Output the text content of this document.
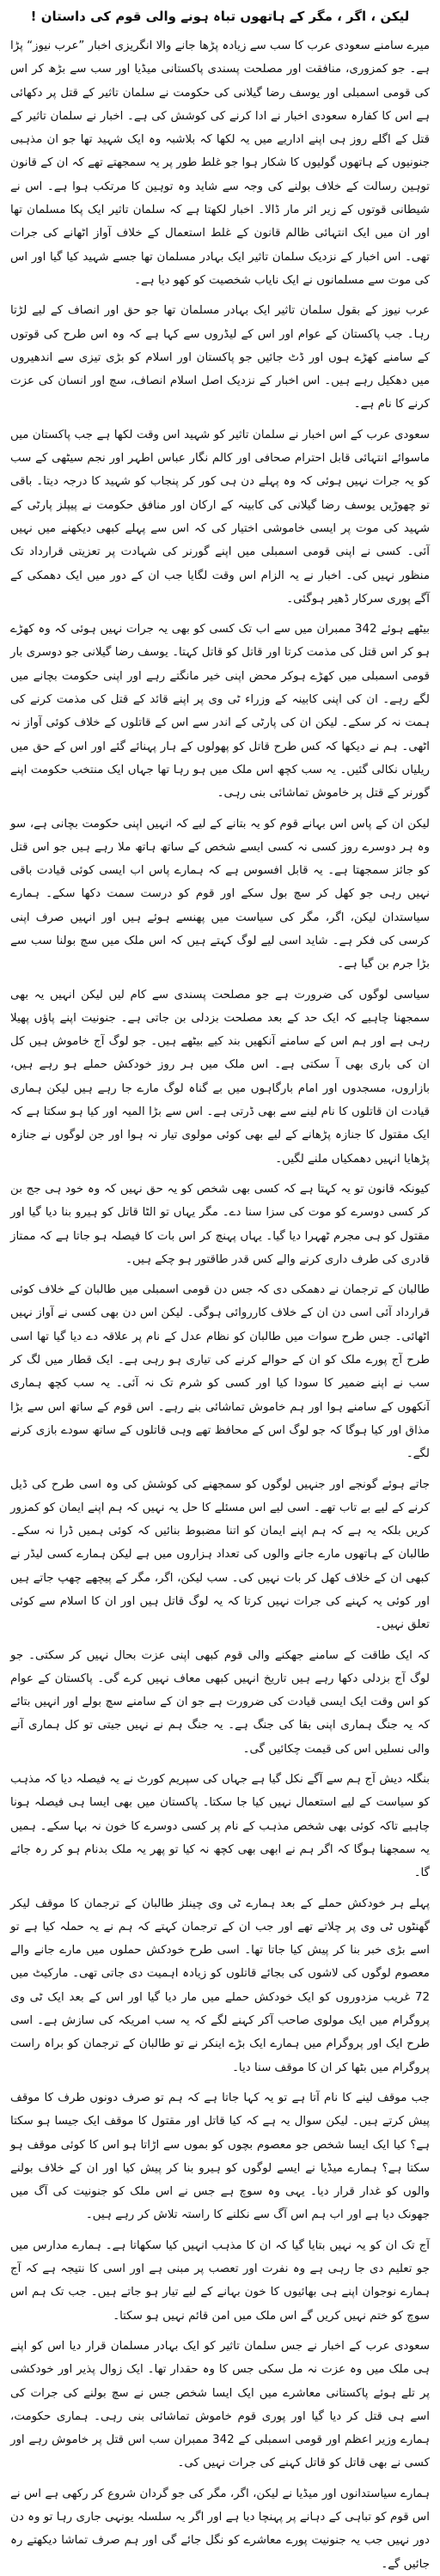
لیکن ، اگر ، مگر کے ہاتھوں تباہ ہونے والی قوم کی داستان !

میرے سامنے سعودی عرب کا سب سے زیادہ پڑھا جانے والا انگریزی اخبار ”عرب نیوز“ پڑا ہے۔ جو کمزوری، منافقت اور مصلحت پسندی پاکستانی میڈیا اور سب سے بڑھ کر اس کی قومی اسمبلی اور یوسف رضا گیلانی کی حکومت نے سلمان تاثیر کے قتل پر دکھائی ہے اس کا کفارہ سعودی اخبار نے ادا کرنے کی کوشش کی ہے۔ اخبار نے سلمان تاثیر کے قتل کے اگلے روز ہی اپنے اداریے میں یہ لکھا کہ بلاشبہ وہ ایک شہید تھا جو ان مذہبی جنونیوں کے ہاتھوں گولیوں کا شکار ہوا جو غلط طور پر یہ سمجھتے تھے کہ ان کے قانون توہین رسالت کے خلاف بولنے کی وجہ سے شاید وہ توہین کا مرتکب ہوا ہے۔ اس نے شیطانی قوتوں کے زیر اثر مار ڈالا۔ اخبار لکھتا ہے کہ سلمان تاثیر ایک پکا مسلمان تھا اور ان میں ایک انتہائی ظالم قانون کے غلط استعمال کے خلاف آواز اٹھانے کی جرات تھی۔ اس اخبار کے نزدیک سلمان تاثیر ایک بہادر مسلمان تھا جسے شہید کیا گیا اور اس کی موت سے مسلمانوں نے ایک نایاب شخصیت کو کھو دیا ہے۔

عرب نیوز کے بقول سلمان تاثیر ایک بہادر مسلمان تھا جو حق اور انصاف کے لیے لڑتا رہا۔ جب پاکستان کے عوام اور اس کے لیڈروں سے کہا ہے کہ وہ اس طرح کی قوتوں کے سامنے کھڑے ہوں اور ڈٹ جائیں جو پاکستان اور اسلام کو بڑی تیزی سے اندھیروں میں دھکیل رہے ہیں۔ اس اخبار کے نزدیک اصل اسلام انصاف، سچ اور انسان کی عزت کرنے کا نام ہے۔

سعودی عرب کے اس اخبار نے سلمان تاثیر کو شہید اس وقت لکھا ہے جب پاکستان میں ماسوائے انتہائی قابل احترام صحافی اور کالم نگار عباس اطہر اور نجم سیٹھی کے سب کو یہ جرات نہیں ہوئی کہ وہ پہلے دن ہی کور کر پنجاب کو شہید کا درجہ دیتا۔ باقی تو چھوڑیں یوسف رضا گیلانی کی کابینہ کے ارکان اور منافق حکومت نے پیپلز پارٹی کے شہید کی موت پر ایسی خاموشی اختیار کی کہ اس سے پہلے کبھی دیکھنے میں نہیں آئی۔ کسی نے اپنی قومی اسمبلی میں اپنے گورنر کی شہادت پر تعزیتی قرارداد تک منظور نہیں کی۔ اخبار نے یہ الزام اس وقت لگایا جب ان کے دور میں ایک دھمکی کے آگے پوری سرکار ڈھیر ہوگئی۔

بیٹھے ہوئے 342 ممبران میں سے اب تک کسی کو بھی یہ جرات نہیں ہوئی کہ وہ کھڑے ہو کر اس قتل کی مذمت کرتا اور قاتل کو قاتل کہتا۔ یوسف رضا گیلانی جو دوسری بار قومی اسمبلی میں کھڑے ہوکر محض اپنی خیر مانگتے رہے اور اپنی حکومت بچانے میں لگے رہے۔ ان کی اپنی کابینہ کے وزراء ٹی وی پر اپنے قائد کے قتل کی مذمت کرنے کی ہمت نہ کر سکے۔ لیکن ان کی پارٹی کے اندر سے اس کے قاتلوں کے خلاف کوئی آواز نہ اٹھی۔ ہم نے دیکھا کہ کس طرح قاتل کو پھولوں کے ہار پہنائے گئے اور اس کے حق میں ریلیاں نکالی گئیں۔ یہ سب کچھ اس ملک میں ہو رہا تھا جہاں ایک منتخب حکومت اپنے گورنر کے قتل پر خاموش تماشائی بنی رہی۔

لیکن ان کے پاس اس بہانے قوم کو یہ بتانے کے لیے کہ انہیں اپنی حکومت بچانی ہے، سو وہ ہر دوسرے روز کسی نہ کسی ایسے شخص کے ساتھ ہاتھ ملا رہے ہیں جو اس قتل کو جائز سمجھتا ہے۔ یہ قابل افسوس ہے کہ ہمارے پاس اب ایسی کوئی قیادت باقی نہیں رہی جو کھل کر سچ بول سکے اور قوم کو درست سمت دکھا سکے۔ ہمارے سیاستدان لیکن، اگر، مگر کی سیاست میں پھنسے ہوئے ہیں اور انہیں صرف اپنی کرسی کی فکر ہے۔ شاید اسی لیے لوگ کہتے ہیں کہ اس ملک میں سچ بولنا سب سے بڑا جرم بن گیا ہے۔

سیاسی لوگوں کی ضرورت ہے جو مصلحت پسندی سے کام لیں لیکن انہیں یہ بھی سمجھنا چاہیے کہ ایک حد کے بعد مصلحت بزدلی بن جاتی ہے۔ جنونیت اپنے پاؤں پھیلا رہی ہے اور ہم اس کے سامنے آنکھیں بند کیے بیٹھے ہیں۔ جو لوگ آج خاموش ہیں کل ان کی باری بھی آ سکتی ہے۔ اس ملک میں ہر روز خودکش حملے ہو رہے ہیں، بازاروں، مسجدوں اور امام بارگاہوں میں بے گناہ لوگ مارے جا رہے ہیں لیکن ہماری قیادت ان قاتلوں کا نام لینے سے بھی ڈرتی ہے۔ اس سے بڑا المیہ اور کیا ہو سکتا ہے کہ ایک مقتول کا جنازہ پڑھانے کے لیے بھی کوئی مولوی تیار نہ ہوا اور جن لوگوں نے جنازہ پڑھایا انہیں دھمکیاں ملنے لگیں۔

کیونکہ قانون تو یہ کہتا ہے کہ کسی بھی شخص کو یہ حق نہیں کہ وہ خود ہی جج بن کر کسی دوسرے کو موت کی سزا سنا دے۔ مگر یہاں تو الٹا قاتل کو ہیرو بنا دیا گیا اور مقتول کو ہی مجرم ٹھہرا دیا گیا۔ یہاں پہنچ کر اس بات کا فیصلہ ہو جاتا ہے کہ ممتاز قادری کی طرف داری کرنے والے کس قدر طاقتور ہو چکے ہیں۔

طالبان کے ترجمان نے دھمکی دی کہ جس دن قومی اسمبلی میں طالبان کے خلاف کوئی قرارداد آئی اسی دن ان کے خلاف کارروائی ہوگی۔ لیکن اس دن بھی کسی نے آواز نہیں اٹھائی۔ جس طرح سوات میں طالبان کو نظام عدل کے نام پر علاقہ دے دیا گیا تھا اسی طرح آج پورے ملک کو ان کے حوالے کرنے کی تیاری ہو رہی ہے۔ ایک قطار میں لگ کر سب نے اپنے ضمیر کا سودا کیا اور کسی کو شرم تک نہ آئی۔ یہ سب کچھ ہماری آنکھوں کے سامنے ہوا اور ہم خاموش تماشائی بنے رہے۔ اس قوم کے ساتھ اس سے بڑا مذاق اور کیا ہوگا کہ جو لوگ اس کے محافظ تھے وہی قاتلوں کے ساتھ سودے بازی کرنے لگے۔

جاتے ہوئے گونجے اور جنہیں لوگوں کو سمجھنے کی کوشش کی وہ اسی طرح کی ڈیل کرنے کے لیے بے تاب تھے۔ اسی لیے اس مسئلے کا حل یہ نہیں کہ ہم اپنے ایمان کو کمزور کریں بلکہ یہ ہے کہ ہم اپنے ایمان کو اتنا مضبوط بنائیں کہ کوئی ہمیں ڈرا نہ سکے۔ طالبان کے ہاتھوں مارے جانے والوں کی تعداد ہزاروں میں ہے لیکن ہمارے کسی لیڈر نے کبھی ان کے خلاف کھل کر بات نہیں کی۔ سب لیکن، اگر، مگر کے پیچھے چھپ جاتے ہیں اور کوئی یہ کہنے کی جرات نہیں کرتا کہ یہ لوگ قاتل ہیں اور ان کا اسلام سے کوئی تعلق نہیں۔

کہ ایک طاقت کے سامنے جھکنے والی قوم کبھی اپنی عزت بحال نہیں کر سکتی۔ جو لوگ آج بزدلی دکھا رہے ہیں تاریخ انہیں کبھی معاف نہیں کرے گی۔ پاکستان کے عوام کو اس وقت ایک ایسی قیادت کی ضرورت ہے جو ان کے سامنے سچ بولے اور انہیں بتائے کہ یہ جنگ ہماری اپنی بقا کی جنگ ہے۔ یہ جنگ ہم نے نہیں جیتی تو کل ہماری آنے والی نسلیں اس کی قیمت چکائیں گی۔

بنگلہ دیش آج ہم سے آگے نکل گیا ہے جہاں کی سپریم کورٹ نے یہ فیصلہ دیا کہ مذہب کو سیاست کے لیے استعمال نہیں کیا جا سکتا۔ پاکستان میں بھی ایسا ہی فیصلہ ہونا چاہیے تاکہ کوئی بھی شخص مذہب کے نام پر کسی دوسرے کا خون نہ بہا سکے۔ ہمیں یہ سمجھنا ہوگا کہ اگر ہم نے ابھی بھی کچھ نہ کیا تو پھر یہ ملک بدنام ہو کر رہ جائے گا۔

پہلے ہر خودکش حملے کے بعد ہمارے ٹی وی چینلز طالبان کے ترجمان کا موقف لیکر گھنٹوں ٹی وی پر چلاتے تھے اور جب ان کے ترجمان کہتے کہ ہم نے یہ حملہ کیا ہے تو اسے بڑی خبر بنا کر پیش کیا جاتا تھا۔ اسی طرح خودکش حملوں میں مارے جانے والے معصوم لوگوں کی لاشوں کی بجائے قاتلوں کو زیادہ اہمیت دی جاتی تھی۔ مارکیٹ میں 72 غریب مزدوروں کو ایک خودکش حملے میں مار دیا گیا اور اس کے بعد ایک ٹی وی پروگرام میں ایک مولوی صاحب آکر کہنے لگے کہ یہ سب امریکہ کی سازش ہے۔ اسی طرح ایک اور پروگرام میں ہمارے ایک بڑے اینکر نے تو طالبان کے ترجمان کو براہ راست پروگرام میں بٹھا کر ان کا موقف سنا دیا۔

جب موقف لینے کا نام آتا ہے تو یہ کہا جاتا ہے کہ ہم تو صرف دونوں طرف کا موقف پیش کرتے ہیں۔ لیکن سوال یہ ہے کہ کیا قاتل اور مقتول کا موقف ایک جیسا ہو سکتا ہے؟ کیا ایک ایسا شخص جو معصوم بچوں کو بموں سے اڑاتا ہو اس کا کوئی موقف ہو سکتا ہے؟ ہمارے میڈیا نے ایسے لوگوں کو ہیرو بنا کر پیش کیا اور ان کے خلاف بولنے والوں کو غدار قرار دیا۔ یہی وہ سوچ ہے جس نے اس ملک کو جنونیت کی آگ میں جھونک دیا ہے اور اب ہم اس آگ سے نکلنے کا راستہ تلاش کر رہے ہیں۔

آج تک ان کو یہ نہیں بتایا گیا کہ ان کا مذہب انہیں کیا سکھاتا ہے۔ ہمارے مدارس میں جو تعلیم دی جا رہی ہے وہ نفرت اور تعصب پر مبنی ہے اور اسی کا نتیجہ ہے کہ آج ہمارے نوجوان اپنے ہی بھائیوں کا خون بہانے کے لیے تیار ہو جاتے ہیں۔ جب تک ہم اس سوچ کو ختم نہیں کریں گے اس ملک میں امن قائم نہیں ہو سکتا۔

سعودی عرب کے اخبار نے جس سلمان تاثیر کو ایک بہادر مسلمان قرار دیا اس کو اپنے ہی ملک میں وہ عزت نہ مل سکی جس کا وہ حقدار تھا۔ ایک زوال پذیر اور خودکشی پر تلے ہوئے پاکستانی معاشرے میں ایک ایسا شخص جس نے سچ بولنے کی جرات کی اسے ہی قتل کر دیا گیا اور پوری قوم خاموش تماشائی بنی رہی۔ ہماری حکومت، ہمارے وزیر اعظم اور قومی اسمبلی کے 342 ممبران سب اس قتل پر خاموش رہے اور کسی نے بھی قاتل کو قاتل کہنے کی جرات نہیں کی۔

ہمارے سیاستدانوں اور میڈیا نے لیکن، اگر، مگر کی جو گردان شروع کر رکھی ہے اس نے اس قوم کو تباہی کے دہانے پر پہنچا دیا ہے اور اگر یہ سلسلہ یونہی جاری رہا تو وہ دن دور نہیں جب یہ جنونیت پورے معاشرے کو نگل جائے گی اور ہم صرف تماشا دیکھتے رہ جائیں گے۔
